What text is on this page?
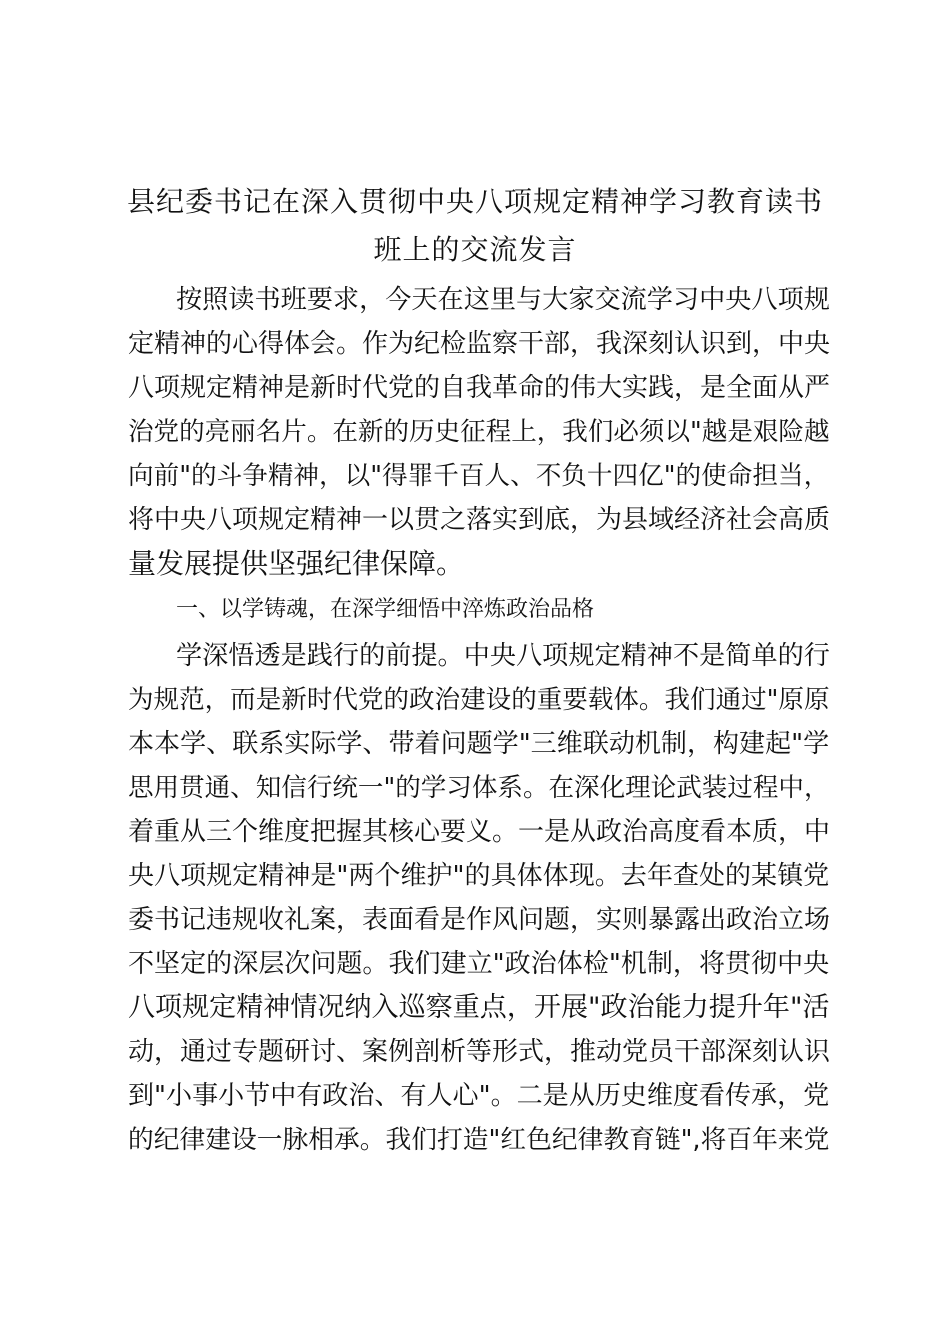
县纪委书记在深入贯彻中央八项规定精神学习教育读书
班上的交流发言
按照读书班要求，今天在这里与大家交流学习中央八项规
定精神的心得体会。作为纪检监察干部，我深刻认识到，中央
八项规定精神是新时代党的自我革命的伟大实践，是全面从严
治党的亮丽名片。在新的历史征程上，我们必须以"越是艰险越
向前"的斗争精神，以"得罪千百人、不负十四亿"的使命担当，
将中央八项规定精神一以贯之落实到底，为县域经济社会高质
量发展提供坚强纪律保障。
一、以学铸魂，在深学细悟中淬炼政治品格
学深悟透是践行的前提。中央八项规定精神不是简单的行
为规范，而是新时代党的政治建设的重要载体。我们通过"原原
本本学、联系实际学、带着问题学"三维联动机制，构建起"学
思用贯通、知信行统一"的学习体系。在深化理论武装过程中，
着重从三个维度把握其核心要义。一是从政治高度看本质，中
央八项规定精神是"两个维护"的具体体现。去年查处的某镇党
委书记违规收礼案，表面看是作风问题，实则暴露出政治立场
不坚定的深层次问题。我们建立"政治体检"机制，将贯彻中央
八项规定精神情况纳入巡察重点，开展"政治能力提升年"活
动，通过专题研讨、案例剖析等形式，推动党员干部深刻认识
到"小事小节中有政治、有人心"。二是从历史维度看传承，党
的纪律建设一脉相承。我们打造"红色纪律教育链",将百年来党
